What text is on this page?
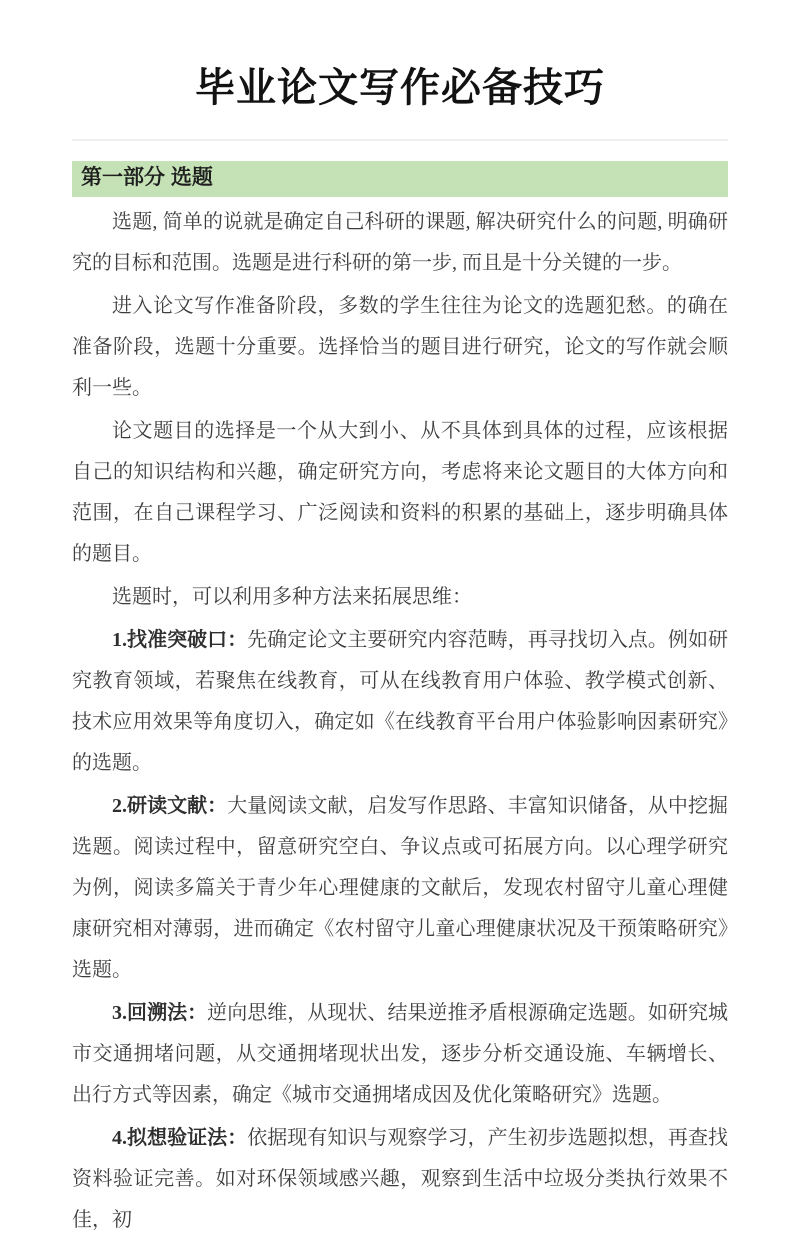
毕业论文写作必备技巧
第一部分 选题

选题, 简单的说就是确定自己科研的课题, 解决研究什么的问题, 明确研究的目标和范围。选题是进行科研的第一步, 而且是十分关键的一步。

进入论文写作准备阶段，多数的学生往往为论文的选题犯愁。的确在准备阶段，选题十分重要。选择恰当的题目进行研究，论文的写作就会顺利一些。

论文题目的选择是一个从大到小、从不具体到具体的过程，应该根据自己的知识结构和兴趣，确定研究方向，考虑将来论文题目的大体方向和范围，在自己课程学习、广泛阅读和资料的积累的基础上，逐步明确具体的题目。

选题时，可以利用多种方法来拓展思维：

1.找准突破口：先确定论文主要研究内容范畴，再寻找切入点。例如研究教育领域，若聚焦在线教育，可从在线教育用户体验、教学模式创新、技术应用效果等角度切入，确定如《在线教育平台用户体验影响因素研究》的选题。

2.研读文献：大量阅读文献，启发写作思路、丰富知识储备，从中挖掘选题。阅读过程中，留意研究空白、争议点或可拓展方向。以心理学研究为例，阅读多篇关于青少年心理健康的文献后，发现农村留守儿童心理健康研究相对薄弱，进而确定《农村留守儿童心理健康状况及干预策略研究》选题。

3.回溯法：逆向思维，从现状、结果逆推矛盾根源确定选题。如研究城市交通拥堵问题，从交通拥堵现状出发，逐步分析交通设施、车辆增长、出行方式等因素，确定《城市交通拥堵成因及优化策略研究》选题。

4.拟想验证法：依据现有知识与观察学习，产生初步选题拟想，再查找资料验证完善。如对环保领域感兴趣，观察到生活中垃圾分类执行效果不佳，初
